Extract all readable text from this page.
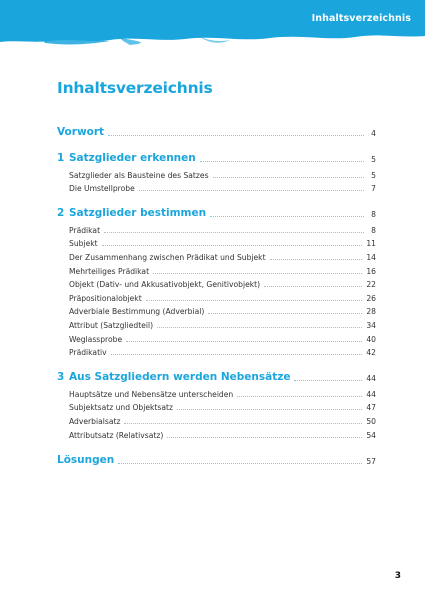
Inhaltsverzeichnis
Inhaltsverzeichnis
Vorwort	4
1 Satzglieder erkennen	5
Satzglieder als Bausteine des Satzes	5
Die Umstellprobe	7
2 Satzglieder bestimmen	8
Prädikat	8
Subjekt	11
Der Zusammenhang zwischen Prädikat und Subjekt	14
Mehrteiliges Prädikat	16
Objekt (Dativ- und Akkusativobjekt, Genitivobjekt)	22
Präpositionalobjekt	26
Adverbiale Bestimmung (Adverbial)	28
Attribut (Satzgliedteil)	34
Weglassprobe	40
Prädikativ	42
3 Aus Satzgliedern werden Nebensätze	44
Hauptsätze und Nebensätze unterscheiden	44
Subjektsatz und Objektsatz	47
Adverbialsatz	50
Attributsatz (Relativsatz)	54
Lösungen	57
3
